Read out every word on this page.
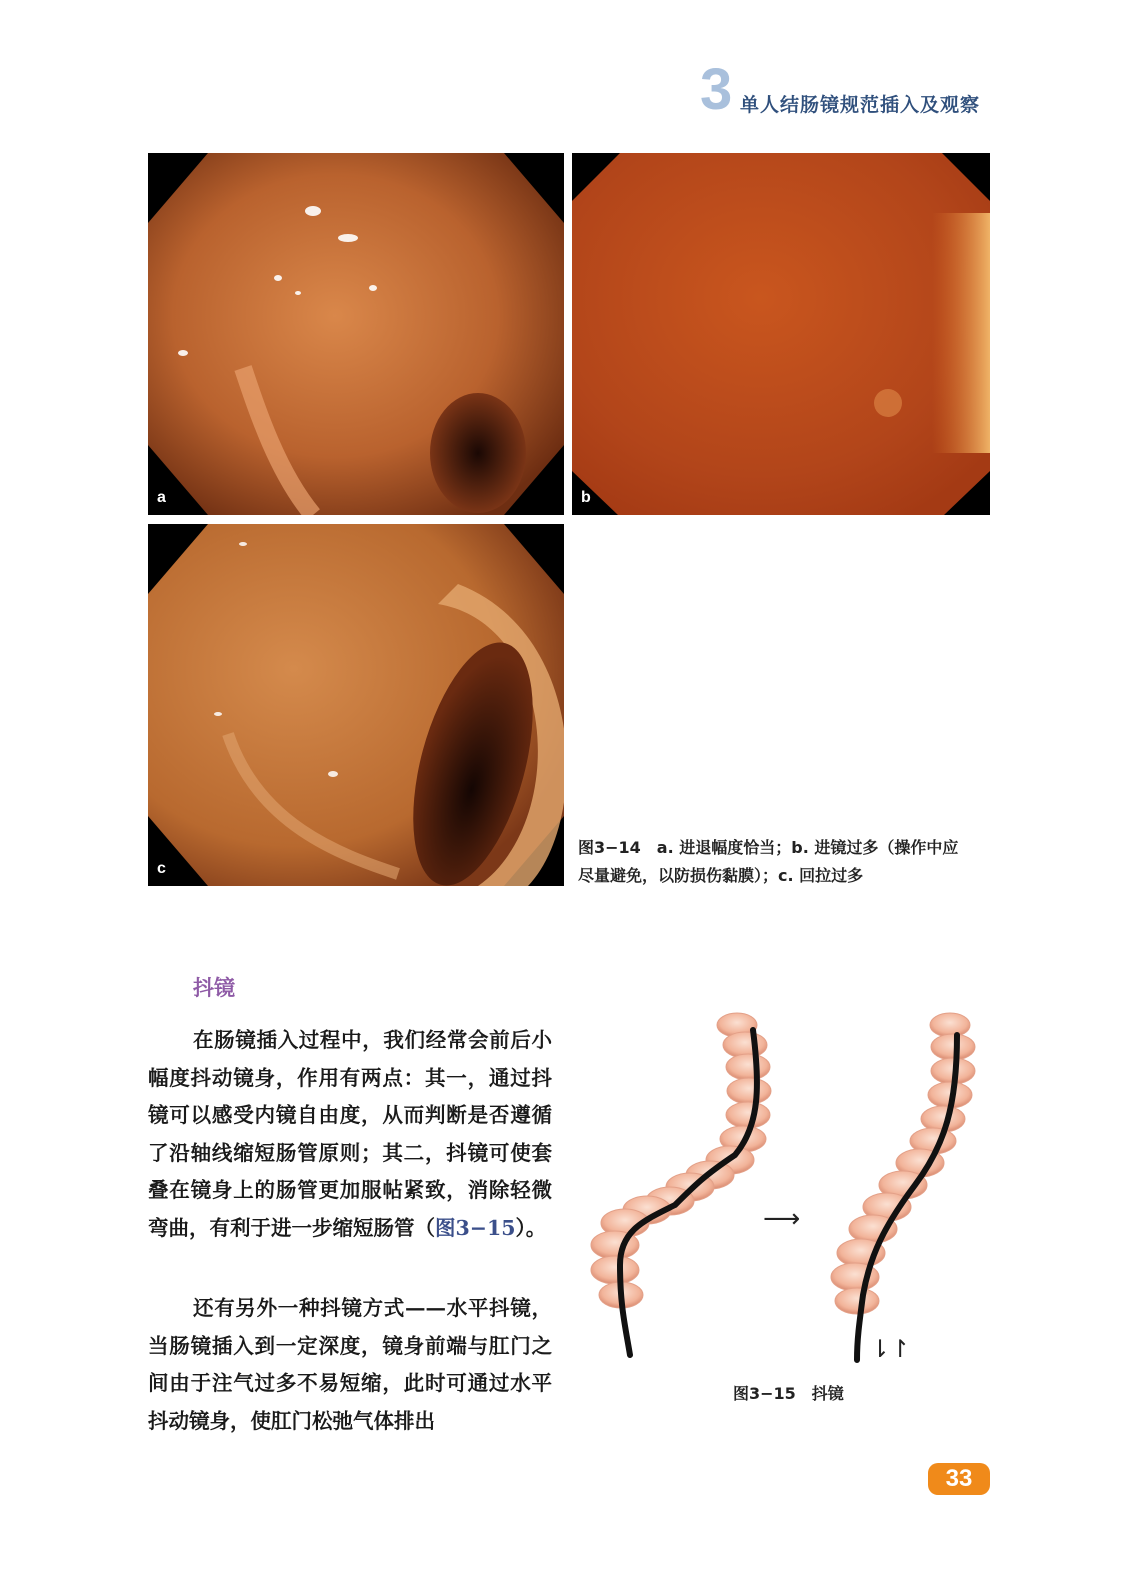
3 单人结肠镜规范插入及观察
a	b
c
图3−14　a. 进退幅度恰当；b. 进镜过多（操作中应
尽量避免，以防损伤黏膜）；c. 回拉过多
抖镜

在肠镜插入过程中，我们经常会前后小幅度抖动镜身，作用有两点：其一，通过抖镜可以感受内镜自由度，从而判断是否遵循了沿轴线缩短肠管原则；其二，抖镜可使套叠在镜身上的肠管更加服帖紧致，消除轻微弯曲，有利于进一步缩短肠管（图3−15）。

还有另外一种抖镜方式——水平抖镜，当肠镜插入到一定深度，镜身前端与肛门之间由于注气过多不易短缩，此时可通过水平抖动镜身，使肛门松弛气体排出

⟶
⇂↾
图3−15　抖镜
33
